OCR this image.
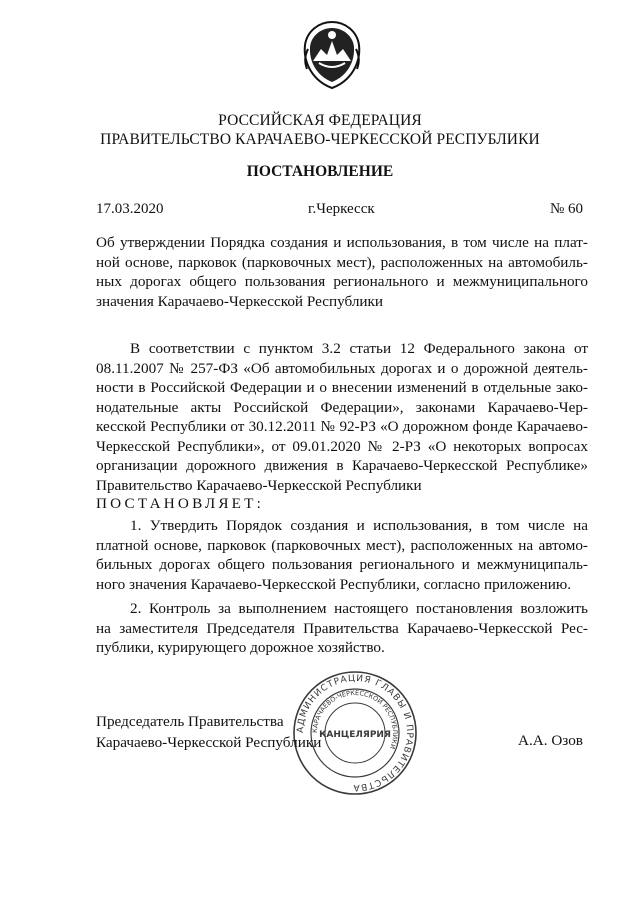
РОССИЙСКАЯ ФЕДЕРАЦИЯ
ПРАВИТЕЛЬСТВО КАРАЧАЕВО-ЧЕРКЕССКОЙ РЕСПУБЛИКИ
ПОСТАНОВЛЕНИЕ
17.03.2020	г.Черкесск	№ 60
Об утверждении Порядка создания и использования, в том числе на плат-
ной основе, парковок (парковочных мест), расположенных на автомобиль-
ных дорогах общего пользования регионального и межмуниципального
значения Карачаево-Черкесской Республики
В соответствии с пунктом 3.2 статьи 12 Федерального закона от
08.11.2007 № 257-ФЗ «Об автомобильных дорогах и о дорожной деятель-
ности в Российской Федерации и о внесении изменений в отдельные зако-
нодательные акты Российской Федерации», законами Карачаево-Чер-
кесской Республики от 30.12.2011 № 92-РЗ «О дорожном фонде Карачаево-
Черкесской Республики», от 09.01.2020 № 2-РЗ «О некоторых вопросах
организации дорожного движения в Карачаево-Черкесской Республике»
Правительство Карачаево-Черкесской Республики
ПОСТАНОВЛЯЕТ:
1. Утвердить Порядок создания и использования, в том числе на
платной основе, парковок (парковочных мест), расположенных на автомо-
бильных дорогах общего пользования регионального и межмуниципаль-
ного значения Карачаево-Черкесской Республики, согласно приложению.
2. Контроль за выполнением настоящего постановления возложить
на заместителя Председателя Правительства Карачаево-Черкесской Рес-
публики, курирующего дорожное хозяйство.
АДМИНИСТРАЦИЯ ГЛАВЫ И ПРАВИТЕЛЬСТВА
КАРАЧАЕВО-ЧЕРКЕССКОЙ РЕСПУБЛИКИ
КАНЦЕЛЯРИЯ
Председатель Правительства
Карачаево-Черкесской Республики	А.А. Озов
